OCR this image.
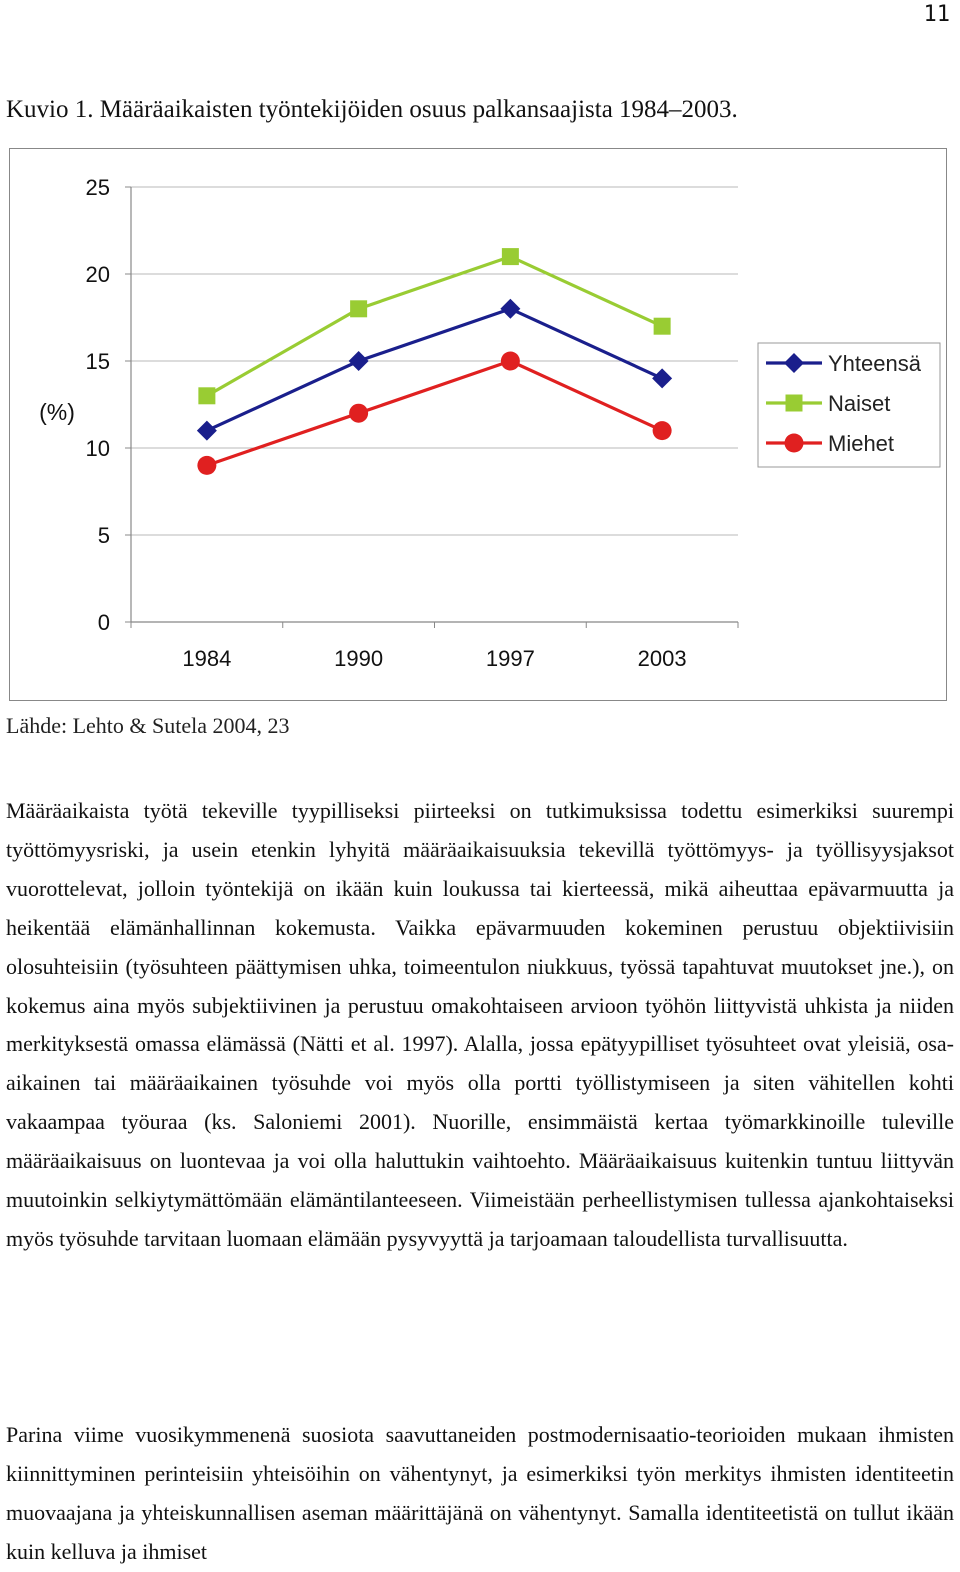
11
Kuvio 1. Määräaikaisten työntekijöiden osuus palkansaajista 1984–2003.
0
5
10
15
20
25
1984	1990	1997	2003
(%)
Yhteensä
Naiset
Miehet
Lähde: Lehto & Sutela 2004, 23

Määräaikaista työtä tekeville tyypilliseksi piirteeksi on tutkimuksissa todettu esimerkiksi suurempi työttömyysriski, ja usein etenkin lyhyitä määräaikaisuuksia tekevillä työttömyys- ja työllisyysjaksot vuorottelevat, jolloin työntekijä on ikään kuin loukussa tai kierteessä, mikä aiheuttaa epävarmuutta ja heikentää elämänhallinnan kokemusta. Vaikka epävarmuuden kokeminen perustuu objektiivisiin olosuhteisiin (työsuhteen päättymisen uhka, toimeentulon niukkuus, työssä tapahtuvat muutokset jne.), on kokemus aina myös subjektiivinen ja perustuu omakohtaiseen arvioon työhön liittyvistä uhkista ja niiden merkityksestä omassa elämässä (Nätti et al. 1997). Alalla, jossa epätyypilliset työsuhteet ovat yleisiä, osa-aikainen tai määräaikainen työsuhde voi myös olla portti työllistymiseen ja siten vähitellen kohti vakaampaa työuraa (ks. Saloniemi 2001). Nuorille, ensimmäistä kertaa työmarkkinoille tuleville määräaikaisuus on luontevaa ja voi olla haluttukin vaihtoehto. Määräaikaisuus kuitenkin tuntuu liittyvän muutoinkin selkiytymättömään elämäntilanteeseen. Viimeistään perheellistymisen tullessa ajankohtaiseksi myös työsuhde tarvitaan luomaan elämään pysyvyyttä ja tarjoamaan taloudellista turvallisuutta.

Parina viime vuosikymmenenä suosiota saavuttaneiden postmodernisaatio-teorioiden mukaan ihmisten kiinnittyminen perinteisiin yhteisöihin on vähentynyt, ja esimerkiksi työn merkitys ihmisten identiteetin muovaajana ja yhteiskunnallisen aseman määrittäjänä on vähentynyt. Samalla identiteetistä on tullut ikään kuin kelluva ja ihmiset
